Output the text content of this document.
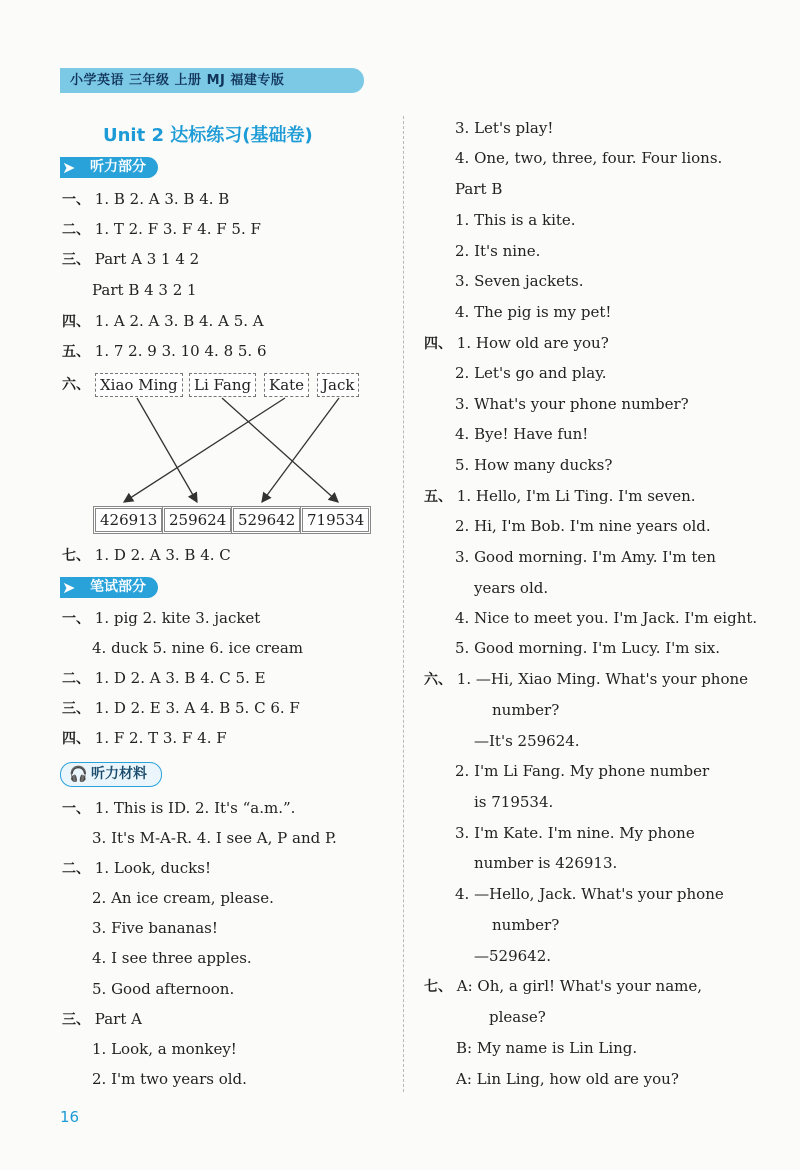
小学英语 三年级 上册 MJ 福建专版
Unit 2 达标练习(基础卷)
➤ 听力部分
一、 1. B 2. A 3. B 4. B
二、 1. T 2. F 3. F 4. F 5. F
三、 Part A 3 1 4 2
Part B 4 3 2 1
四、 1. A 2. A 3. B 4. A 5. A
五、 1. 7 2. 9 3. 10 4. 8 5. 6
六、 Xiao Ming	Li Fang	Kate	Jack
426913 259624 529642 719534
七、 1. D 2. A 3. B 4. C
➤ 笔试部分
一、 1. pig 2. kite 3. jacket
4. duck 5. nine 6. ice cream
二、 1. D 2. A 3. B 4. C 5. E
三、 1. D 2. E 3. A 4. B 5. C 6. F
四、 1. F 2. T 3. F 4. F
🎧 听力材料
一、 1. This is ID. 2. It's “a.m.”.
3. It's M-A-R. 4. I see A, P and P.
二、 1. Look, ducks!
2. An ice cream, please.
3. Five bananas!
4. I see three apples.
5. Good afternoon.
三、 Part A
1. Look, a monkey!
2. I'm two years old.
3. Let's play!
4. One, two, three, four. Four lions.
Part B
1. This is a kite.
2. It's nine.
3. Seven jackets.
4. The pig is my pet!
四、 1. How old are you?
2. Let's go and play.
3. What's your phone number?
4. Bye! Have fun!
5. How many ducks?
五、 1. Hello, I'm Li Ting. I'm seven.
2. Hi, I'm Bob. I'm nine years old.
3. Good morning. I'm Amy. I'm ten
years old.
4. Nice to meet you. I'm Jack. I'm eight.
5. Good morning. I'm Lucy. I'm six.
六、 1. —Hi, Xiao Ming. What's your phone
number?
—It's 259624.
2. I'm Li Fang. My phone number
is 719534.
3. I'm Kate. I'm nine. My phone
number is 426913.
4. —Hello, Jack. What's your phone
number?
—529642.
七、 A: Oh, a girl! What's your name,
please?
B: My name is Lin Ling.
A: Lin Ling, how old are you?
16
